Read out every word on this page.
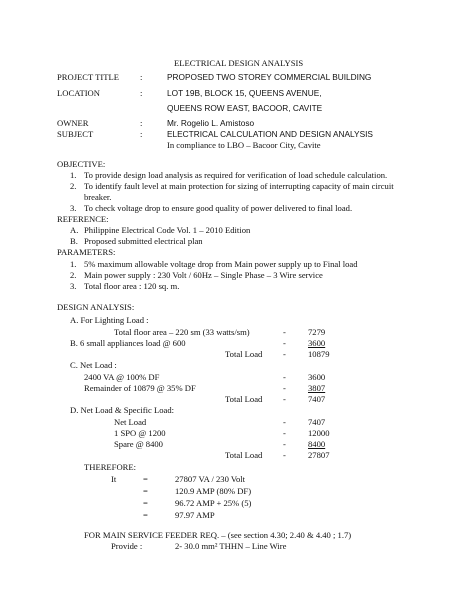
ELECTRICAL DESIGN ANALYSIS
PROJECT TITLE :	PROPOSED TWO STOREY COMMERCIAL BUILDING
LOCATION	:	LOT 19B, BLOCK 15, QUEENS AVENUE,
QUEENS ROW EAST, BACOOR, CAVITE
OWNER	:	Mr. Rogelio L. Amistoso
SUBJECT	:	ELECTRICAL CALCULATION AND DESIGN ANALYSIS
In compliance to LBO – Bacoor City, Cavite
OBJECTIVE:
1. To provide design load analysis as required for verification of load schedule calculation.
2. To identify fault level at main protection for sizing of interrupting capacity of main circuit
breaker.
3. To check voltage drop to ensure good quality of power delivered to final load.
REFERENCE:
A. Philippine Electrical Code Vol. 1 – 2010 Edition
B. Proposed submitted electrical plan
PARAMETERS:
1. 5% maximum allowable voltage drop from Main power supply up to Final load
2. Main power supply : 230 Volt / 60Hz – Single Phase – 3 Wire service
3. Total floor area : 120 sq. m.
DESIGN ANALYSIS:
A. For Lighting Load :
Total floor area – 220 sm (33 watts/sm)	-	7279
B. 6 small appliances load @ 600	-	3600
Total Load -	10879
C. Net Load :
2400 VA @ 100% DF	-	3600
Remainder of 10879 @ 35% DF	-	3807
Total Load -	7407
D. Net Load & Specific Load:
Net Load	-	7407
1 SPO @ 1200	-	12000
Spare @ 8400	-	8400
Total Load -	27807
THEREFORE:
It	=	27807 VA / 230 Volt
=	120.9 AMP (80% DF)
=	96.72 AMP + 25% (5)
=	97.97 AMP
FOR MAIN SERVICE FEEDER REQ. – (see section 4.30; 2.40 & 4.40 ; 1.7)
Provide :	2- 30.0 mm² THHN – Line Wire
